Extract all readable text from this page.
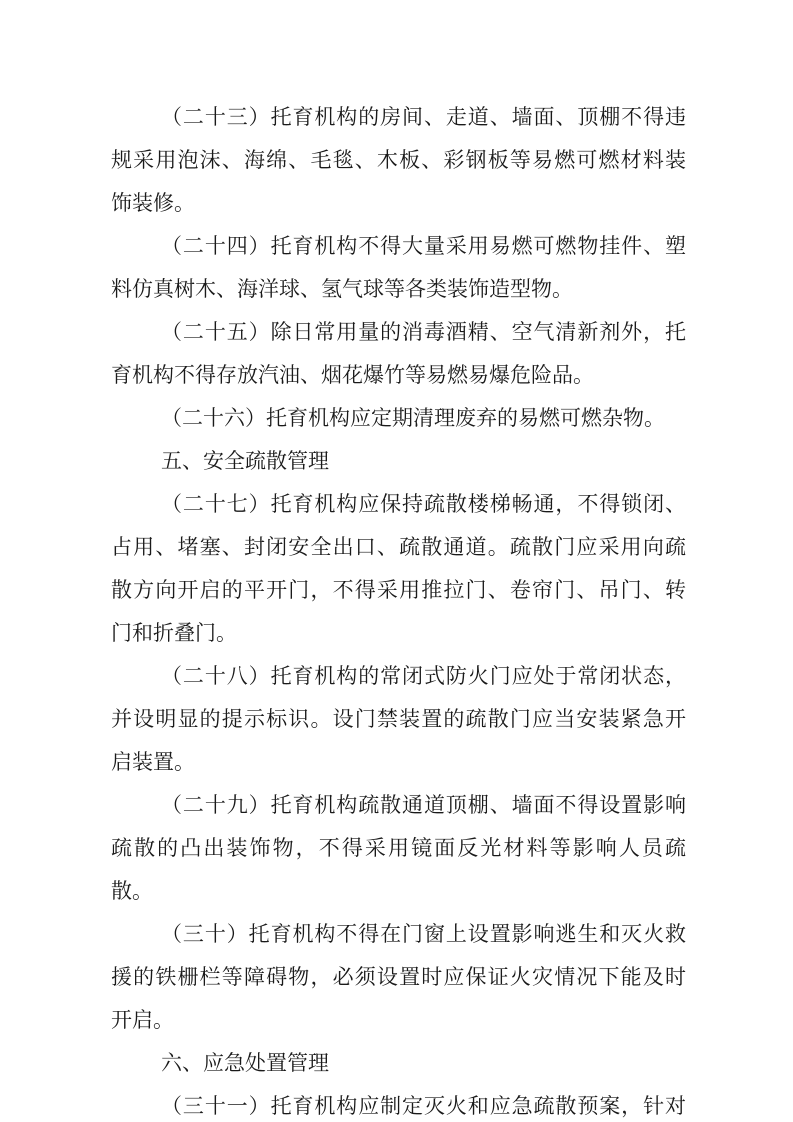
（二十三）托育机构的房间、走道、墙面、顶棚不得违
规采用泡沫、海绵、毛毯、木板、彩钢板等易燃可燃材料装
饰装修。
（二十四）托育机构不得大量采用易燃可燃物挂件、塑
料仿真树木、海洋球、氢气球等各类装饰造型物。
（二十五）除日常用量的消毒酒精、空气清新剂外，托
育机构不得存放汽油、烟花爆竹等易燃易爆危险品。
（二十六）托育机构应定期清理废弃的易燃可燃杂物。
五、安全疏散管理
（二十七）托育机构应保持疏散楼梯畅通，不得锁闭、
占用、堵塞、封闭安全出口、疏散通道。疏散门应采用向疏
散方向开启的平开门，不得采用推拉门、卷帘门、吊门、转
门和折叠门。
（二十八）托育机构的常闭式防火门应处于常闭状态，
并设明显的提示标识。设门禁装置的疏散门应当安装紧急开
启装置。
（二十九）托育机构疏散通道顶棚、墙面不得设置影响
疏散的凸出装饰物，不得采用镜面反光材料等影响人员疏
散。
（三十）托育机构不得在门窗上设置影响逃生和灭火救
援的铁栅栏等障碍物，必须设置时应保证火灾情况下能及时
开启。
六、应急处置管理
（三十一）托育机构应制定灭火和应急疏散预案，针对
